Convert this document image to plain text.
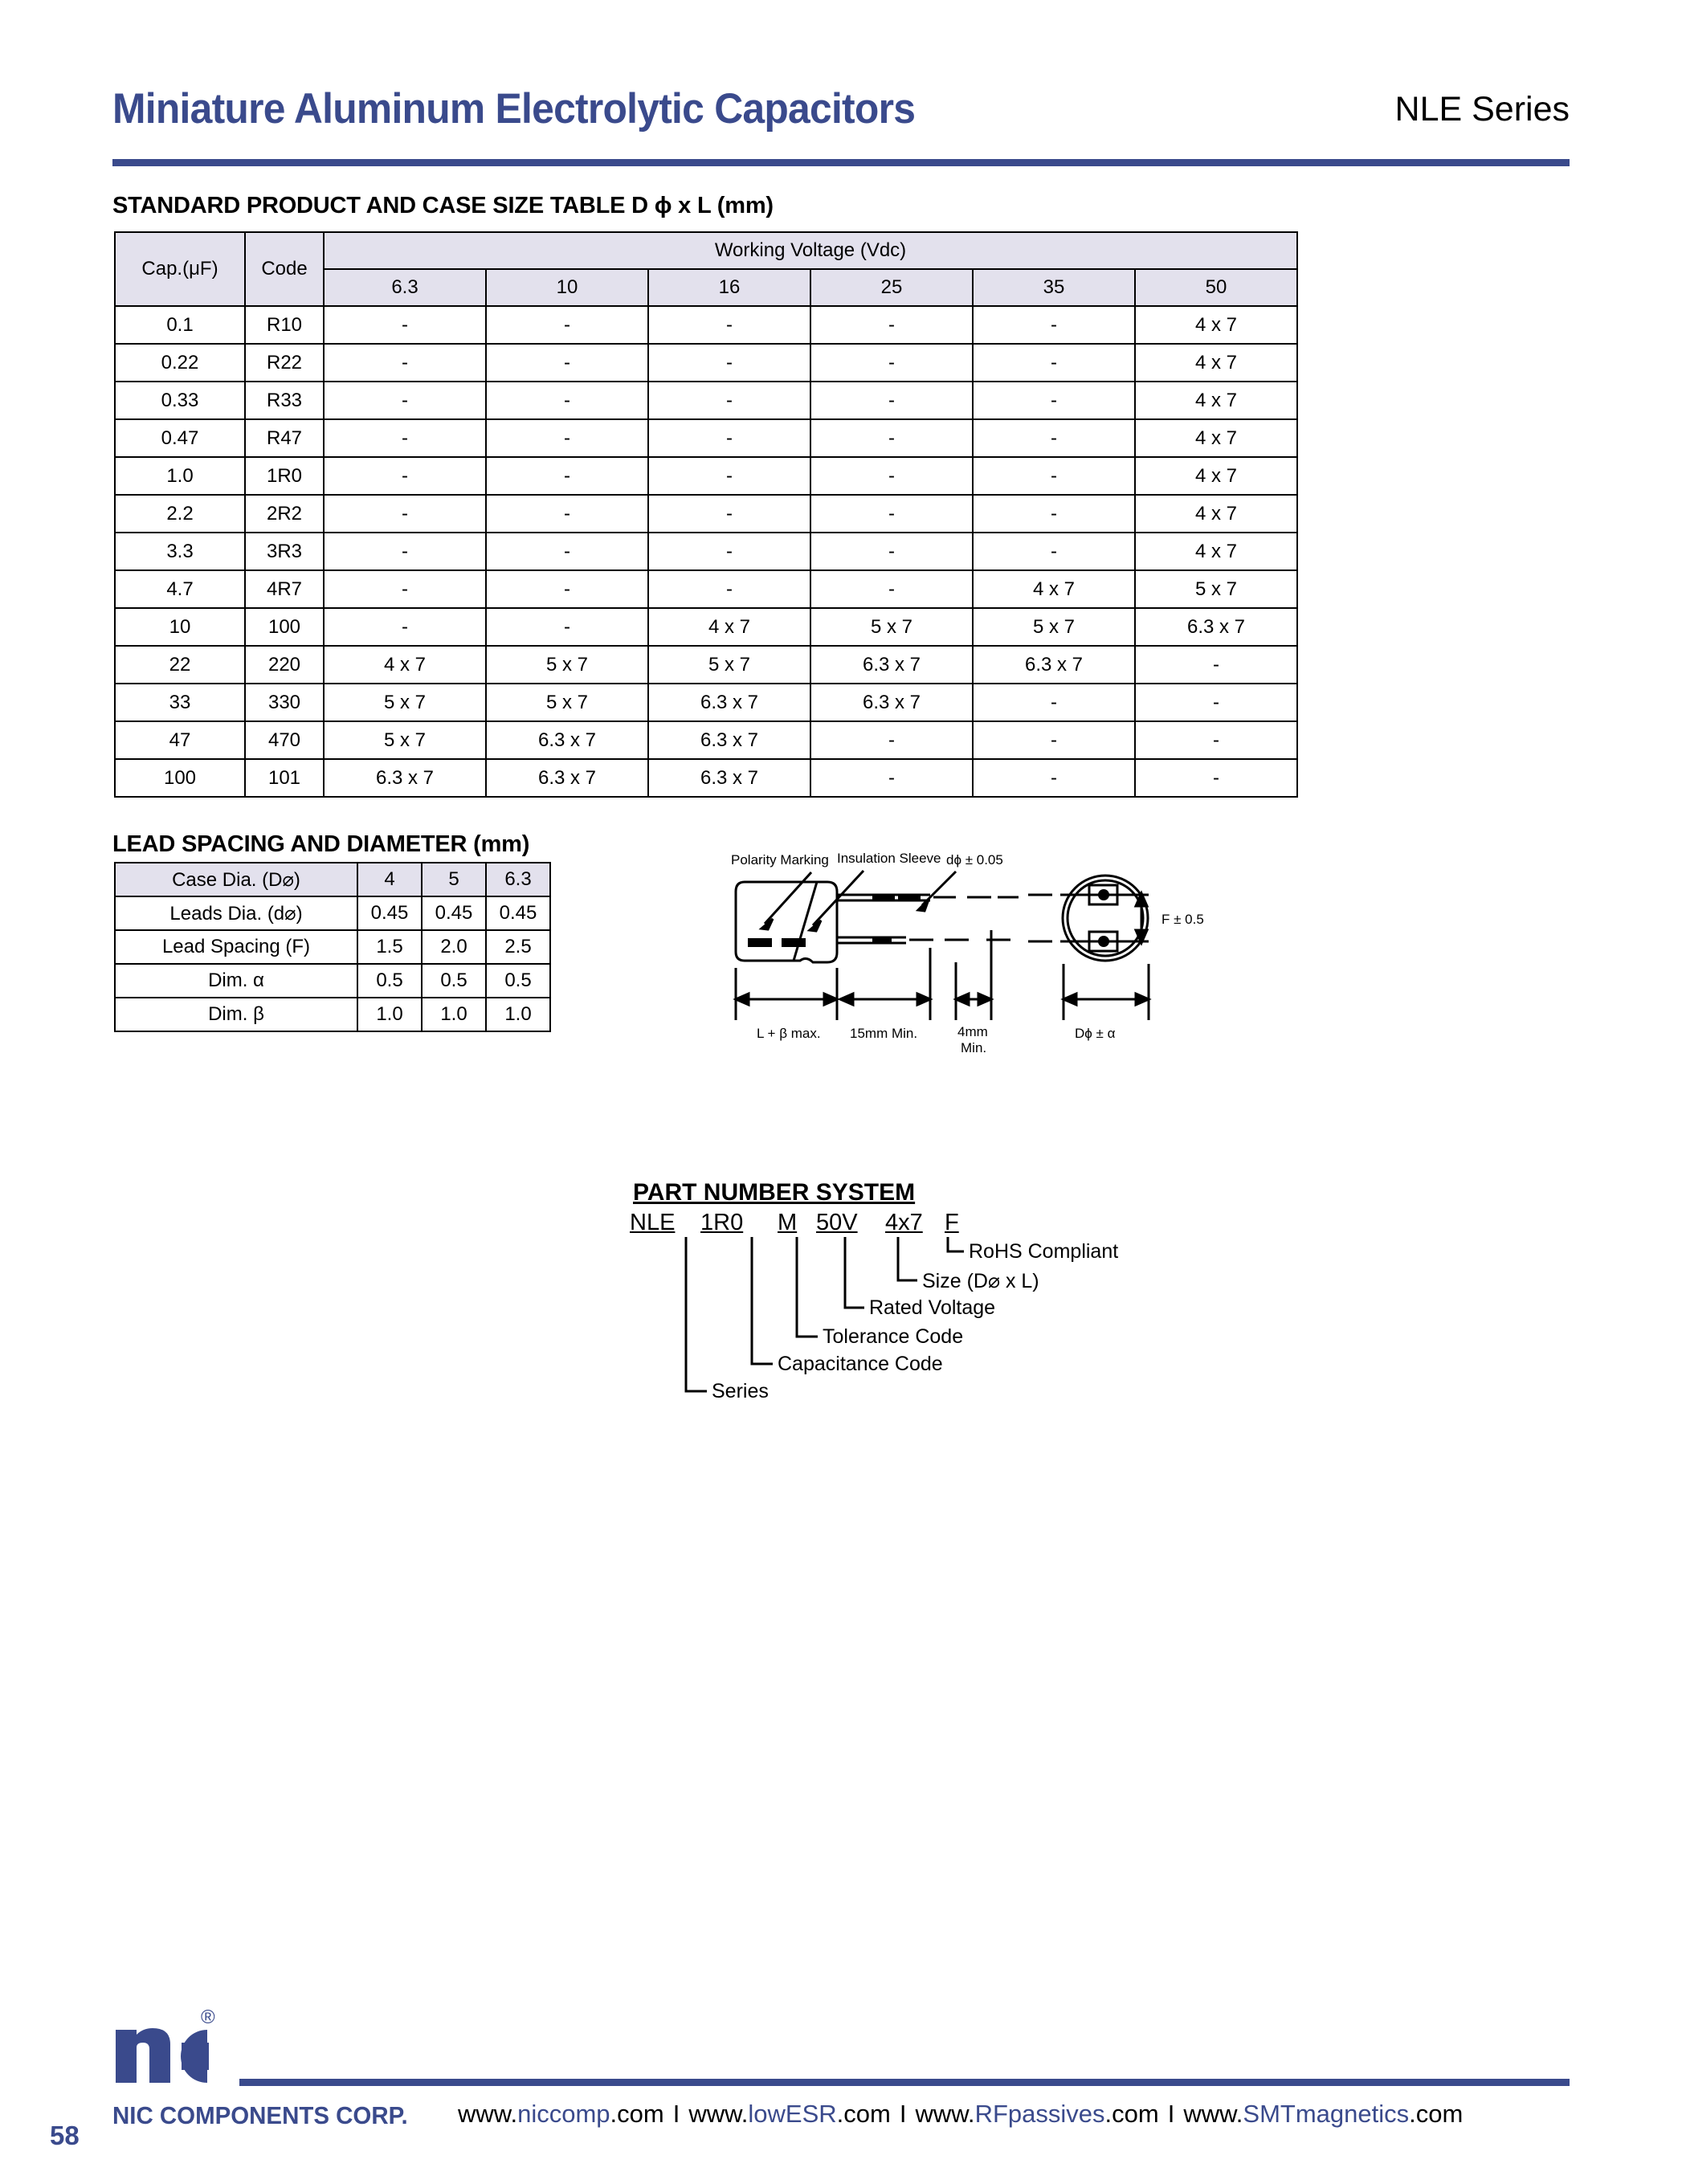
Miniature Aluminum Electrolytic Capacitors	NLE Series
STANDARD PRODUCT AND CASE SIZE TABLE D ϕ x L (mm)
Cap.(μF)	Code	Working Voltage (Vdc)					
		6.3	10	16	25	35	50
0.1	R10	-	-	-	-	-	4 x 7
0.22	R22	-	-	-	-	-	4 x 7
0.33	R33	-	-	-	-	-	4 x 7
0.47	R47	-	-	-	-	-	4 x 7
1.0	1R0	-	-	-	-	-	4 x 7
2.2	2R2	-	-	-	-	-	4 x 7
3.3	3R3	-	-	-	-	-	4 x 7
4.7	4R7	-	-	-	-	4 x 7	5 x 7
10	100	-	-	4 x 7	5 x 7	5 x 7	6.3 x 7
22	220	4 x 7	5 x 7	5 x 7	6.3 x 7	6.3 x 7	-
33	330	5 x 7	5 x 7	6.3 x 7	6.3 x 7	-	-
47	470	5 x 7	6.3 x 7	6.3 x 7	-	-	-
100	101	6.3 x 7	6.3 x 7	6.3 x 7	-	-	-
LEAD SPACING AND DIAMETER (mm)
Case Dia. (D⌀)	4	5	6.3
Leads Dia. (d⌀)	0.45	0.45	0.45
Lead Spacing (F)	1.5	2.0	2.5
Dim. α	0.5	0.5	0.5
Dim. β	1.0	1.0	1.0
Polarity Marking Insulation Sleeve dϕ ± 0.05
L + β max. 15mm Min.	4mm
Min.
Dϕ ± α
F ± 0.5
PART NUMBER SYSTEM
NLE 1R0 M 50V 4x7 F
RoHS Compliant
Size (D⌀ x L)
Rated Voltage
Tolerance Code
Capacitance Code
Series
®
NIC COMPONENTS CORP. www.niccomp.com I www.lowESR.com I www.RFpassives.com I www.SMTmagnetics.com
58
